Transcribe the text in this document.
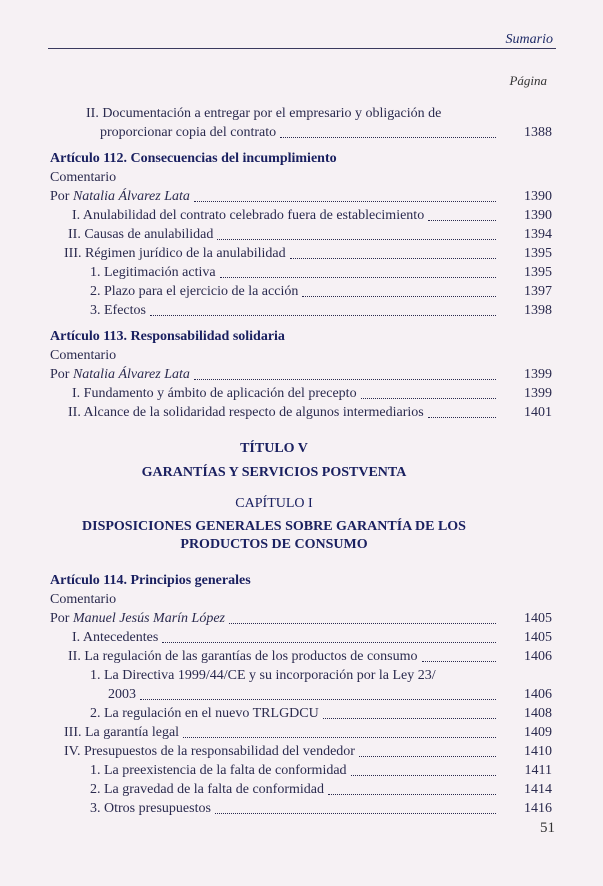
Sumario
Página
II. Documentación a entregar por el empresario y obligación de
proporcionar copia del contrato	1388
Artículo 112. Consecuencias del incumplimiento
Comentario
Por Natalia Álvarez Lata	1390
I. Anulabilidad del contrato celebrado fuera de establecimiento	1390
II. Causas de anulabilidad	1394
III. Régimen jurídico de la anulabilidad	1395
1. Legitimación activa	1395
2. Plazo para el ejercicio de la acción	1397
3. Efectos	1398
Artículo 113. Responsabilidad solidaria
Comentario
Por Natalia Álvarez Lata	1399
I. Fundamento y ámbito de aplicación del precepto	1399
II. Alcance de la solidaridad respecto de algunos intermediarios	1401
TÍTULO V
GARANTÍAS Y SERVICIOS POSTVENTA
CAPÍTULO I
DISPOSICIONES GENERALES SOBRE GARANTÍA DE LOS
PRODUCTOS DE CONSUMO
Artículo 114. Principios generales
Comentario
Por Manuel Jesús Marín López	1405
I. Antecedentes	1405
II. La regulación de las garantías de los productos de consumo	1406
1. La Directiva 1999/44/CE y su incorporación por la Ley 23/
2003	1406
2. La regulación en el nuevo TRLGDCU	1408
III. La garantía legal	1409
IV. Presupuestos de la responsabilidad del vendedor	1410
1. La preexistencia de la falta de conformidad	1411
2. La gravedad de la falta de conformidad	1414
3. Otros presupuestos	1416
51
